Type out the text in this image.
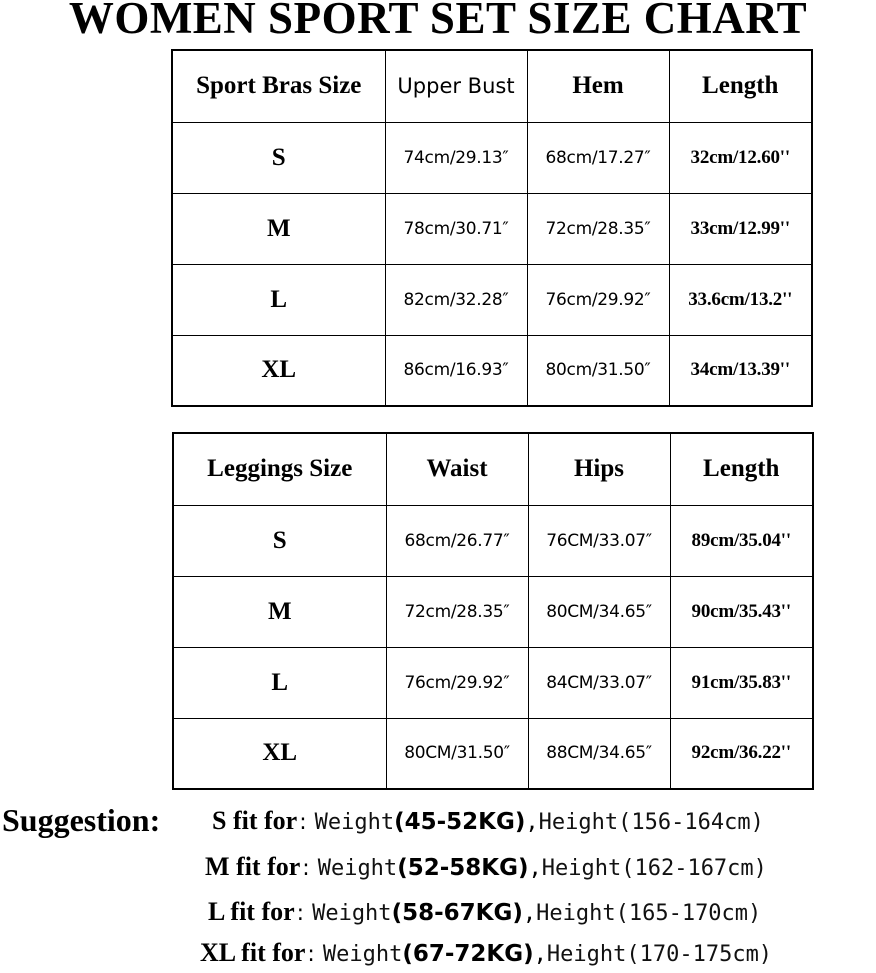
WOMEN SPORT SET SIZE CHART
Sport Bras Size	Upper Bust	Hem	Length
S	74cm/29.13″	68cm/17.27″	32cm/12.60''
M	78cm/30.71″	72cm/28.35″	33cm/12.99''
L	82cm/32.28″	76cm/29.92″	33.6cm/13.2''
XL	86cm/16.93″	80cm/31.50″	34cm/13.39''
Leggings Size	Waist	Hips	Length
S	68cm/26.77″	76CM/33.07″	89cm/35.04''
M	72cm/28.35″	80CM/34.65″	90cm/35.43''
L	76cm/29.92″	84CM/33.07″	91cm/35.83''
XL	80CM/31.50″	88CM/34.65″	92cm/36.22''
Suggestion: S fit for: Weight(45-52KG),Height(156-164cm)
M fit for: Weight(52-58KG),Height(162-167cm)
L fit for: Weight(58-67KG),Height(165-170cm)
XL fit for: Weight(67-72KG),Height(170-175cm)
